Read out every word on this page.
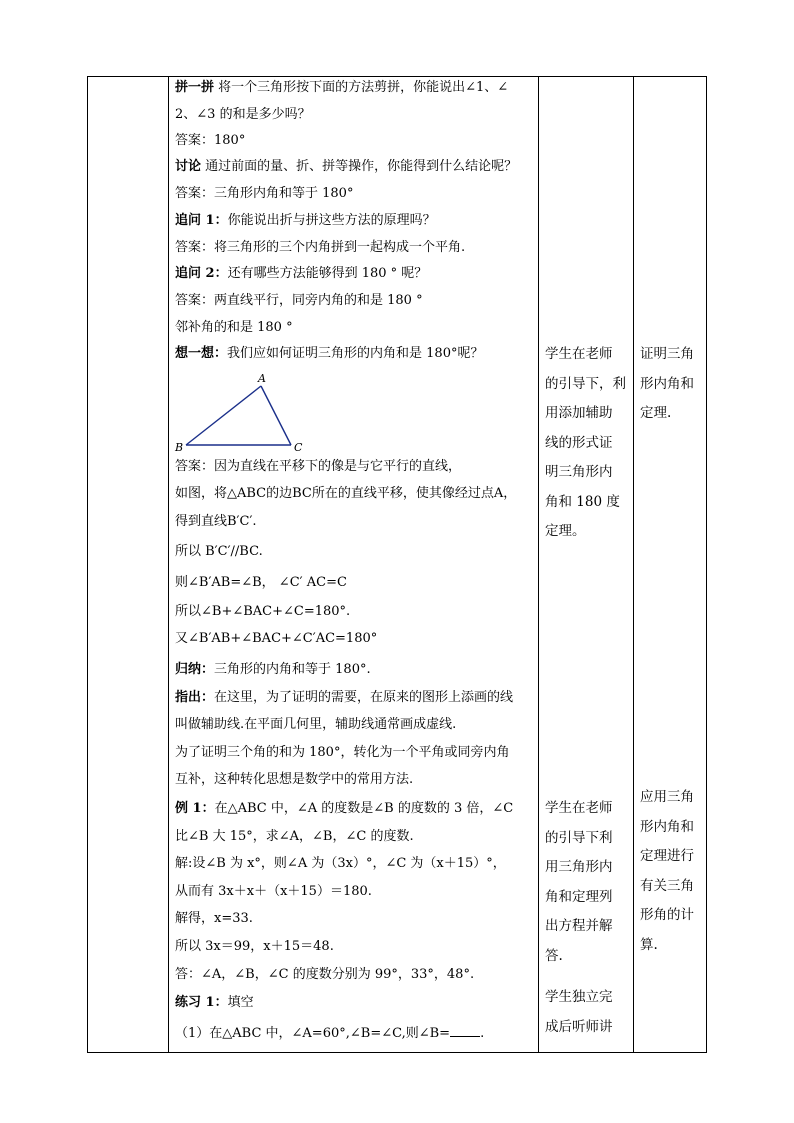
拼一拼 将一个三角形按下面的方法剪拼，你能说出∠1、∠
2、∠3 的和是多少吗？
答案：180°
讨论 通过前面的量、折、拼等操作，你能得到什么结论呢？
答案：三角形内角和等于 180°
追问 1：你能说出折与拼这些方法的原理吗？
答案：将三角形的三个内角拼到一起构成一个平角.
追问 2：还有哪些方法能够得到 180 ° 呢？
答案：两直线平行，同旁内角的和是 180 °
邻补角的和是 180 °
想一想：我们应如何证明三角形的内角和是 180°呢？
答案：因为直线在平移下的像是与它平行的直线，
如图，将△ABC的边BC所在的直线平移，使其像经过点A，
得到直线B′C′.
所以 B′C′//BC.
则∠B′AB=∠B， ∠C′ AC=C
所以∠B+∠BAC+∠C=180°.
又∠B′AB+∠BAC+∠C′AC=180°
归纳：三角形的内角和等于 180°.
指出：在这里，为了证明的需要，在原来的图形上添画的线
叫做辅助线.在平面几何里，辅助线通常画成虚线.
为了证明三个角的和为 180°，转化为一个平角或同旁内角
互补，这种转化思想是数学中的常用方法.
例 1：在△ABC 中，∠A 的度数是∠B 的度数的 3 倍，∠C
比∠B 大 15°，求∠A，∠B，∠C 的度数.
解:设∠B 为 x°，则∠A 为（3x）°，∠C 为（x＋15）°，
从而有 3x＋x＋（x＋15）＝180.
解得，x=33.
所以 3x＝99，x＋15＝48.
答：∠A，∠B，∠C 的度数分别为 99°，33°，48°.
练习 1：填空
（1）在△ABC 中，∠A=60°,∠B=∠C,则∠B= .
A
B	C
学生在老师
的引导下，利
用添加辅助
线的形式证
明三角形内
角和 180 度
定理。
学生在老师
的引导下利
用三角形内
角和定理列
出方程并解
答.
学生独立完
成后听师讲
证明三角
形内角和
定理.
应用三角
形内角和
定理进行
有关三角
形角的计
算.
